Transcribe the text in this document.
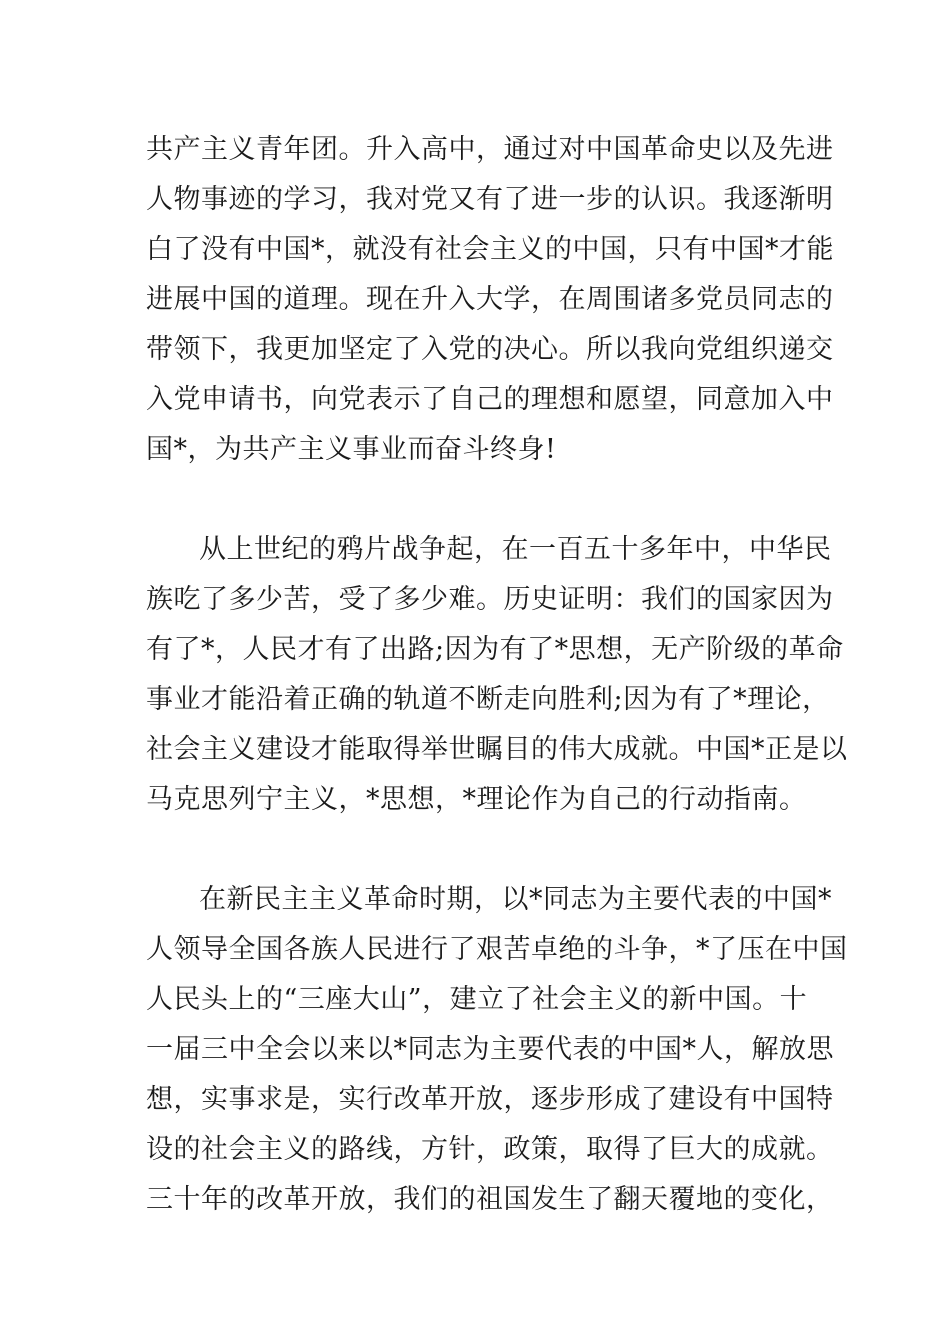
共产主义青年团。升入高中，通过对中国革命史以及先进
人物事迹的学习，我对党又有了进一步的认识。我逐渐明
白了没有中国*，就没有社会主义的中国，只有中国*才能
进展中国的道理。现在升入大学，在周围诸多党员同志的
带领下，我更加坚定了入党的决心。所以我向党组织递交
入党申请书，向党表示了自己的理想和愿望，同意加入中
国*，为共产主义事业而奋斗终身!
从上世纪的鸦片战争起，在一百五十多年中，中华民
族吃了多少苦，受了多少难。历史证明：我们的国家因为
有了*，人民才有了出路;因为有了*思想，无产阶级的革命
事业才能沿着正确的轨道不断走向胜利;因为有了*理论，
社会主义建设才能取得举世瞩目的伟大成就。中国*正是以
马克思列宁主义，*思想，*理论作为自己的行动指南。
在新民主主义革命时期，以*同志为主要代表的中国*
人领导全国各族人民进行了艰苦卓绝的斗争，*了压在中国
人民头上的“三座大山”，建立了社会主义的新中国。十
一届三中全会以来以*同志为主要代表的中国*人，解放思
想，实事求是，实行改革开放，逐步形成了建设有中国特
设的社会主义的路线，方针，政策，取得了巨大的成就。
三十年的改革开放，我们的祖国发生了翻天覆地的变化，
